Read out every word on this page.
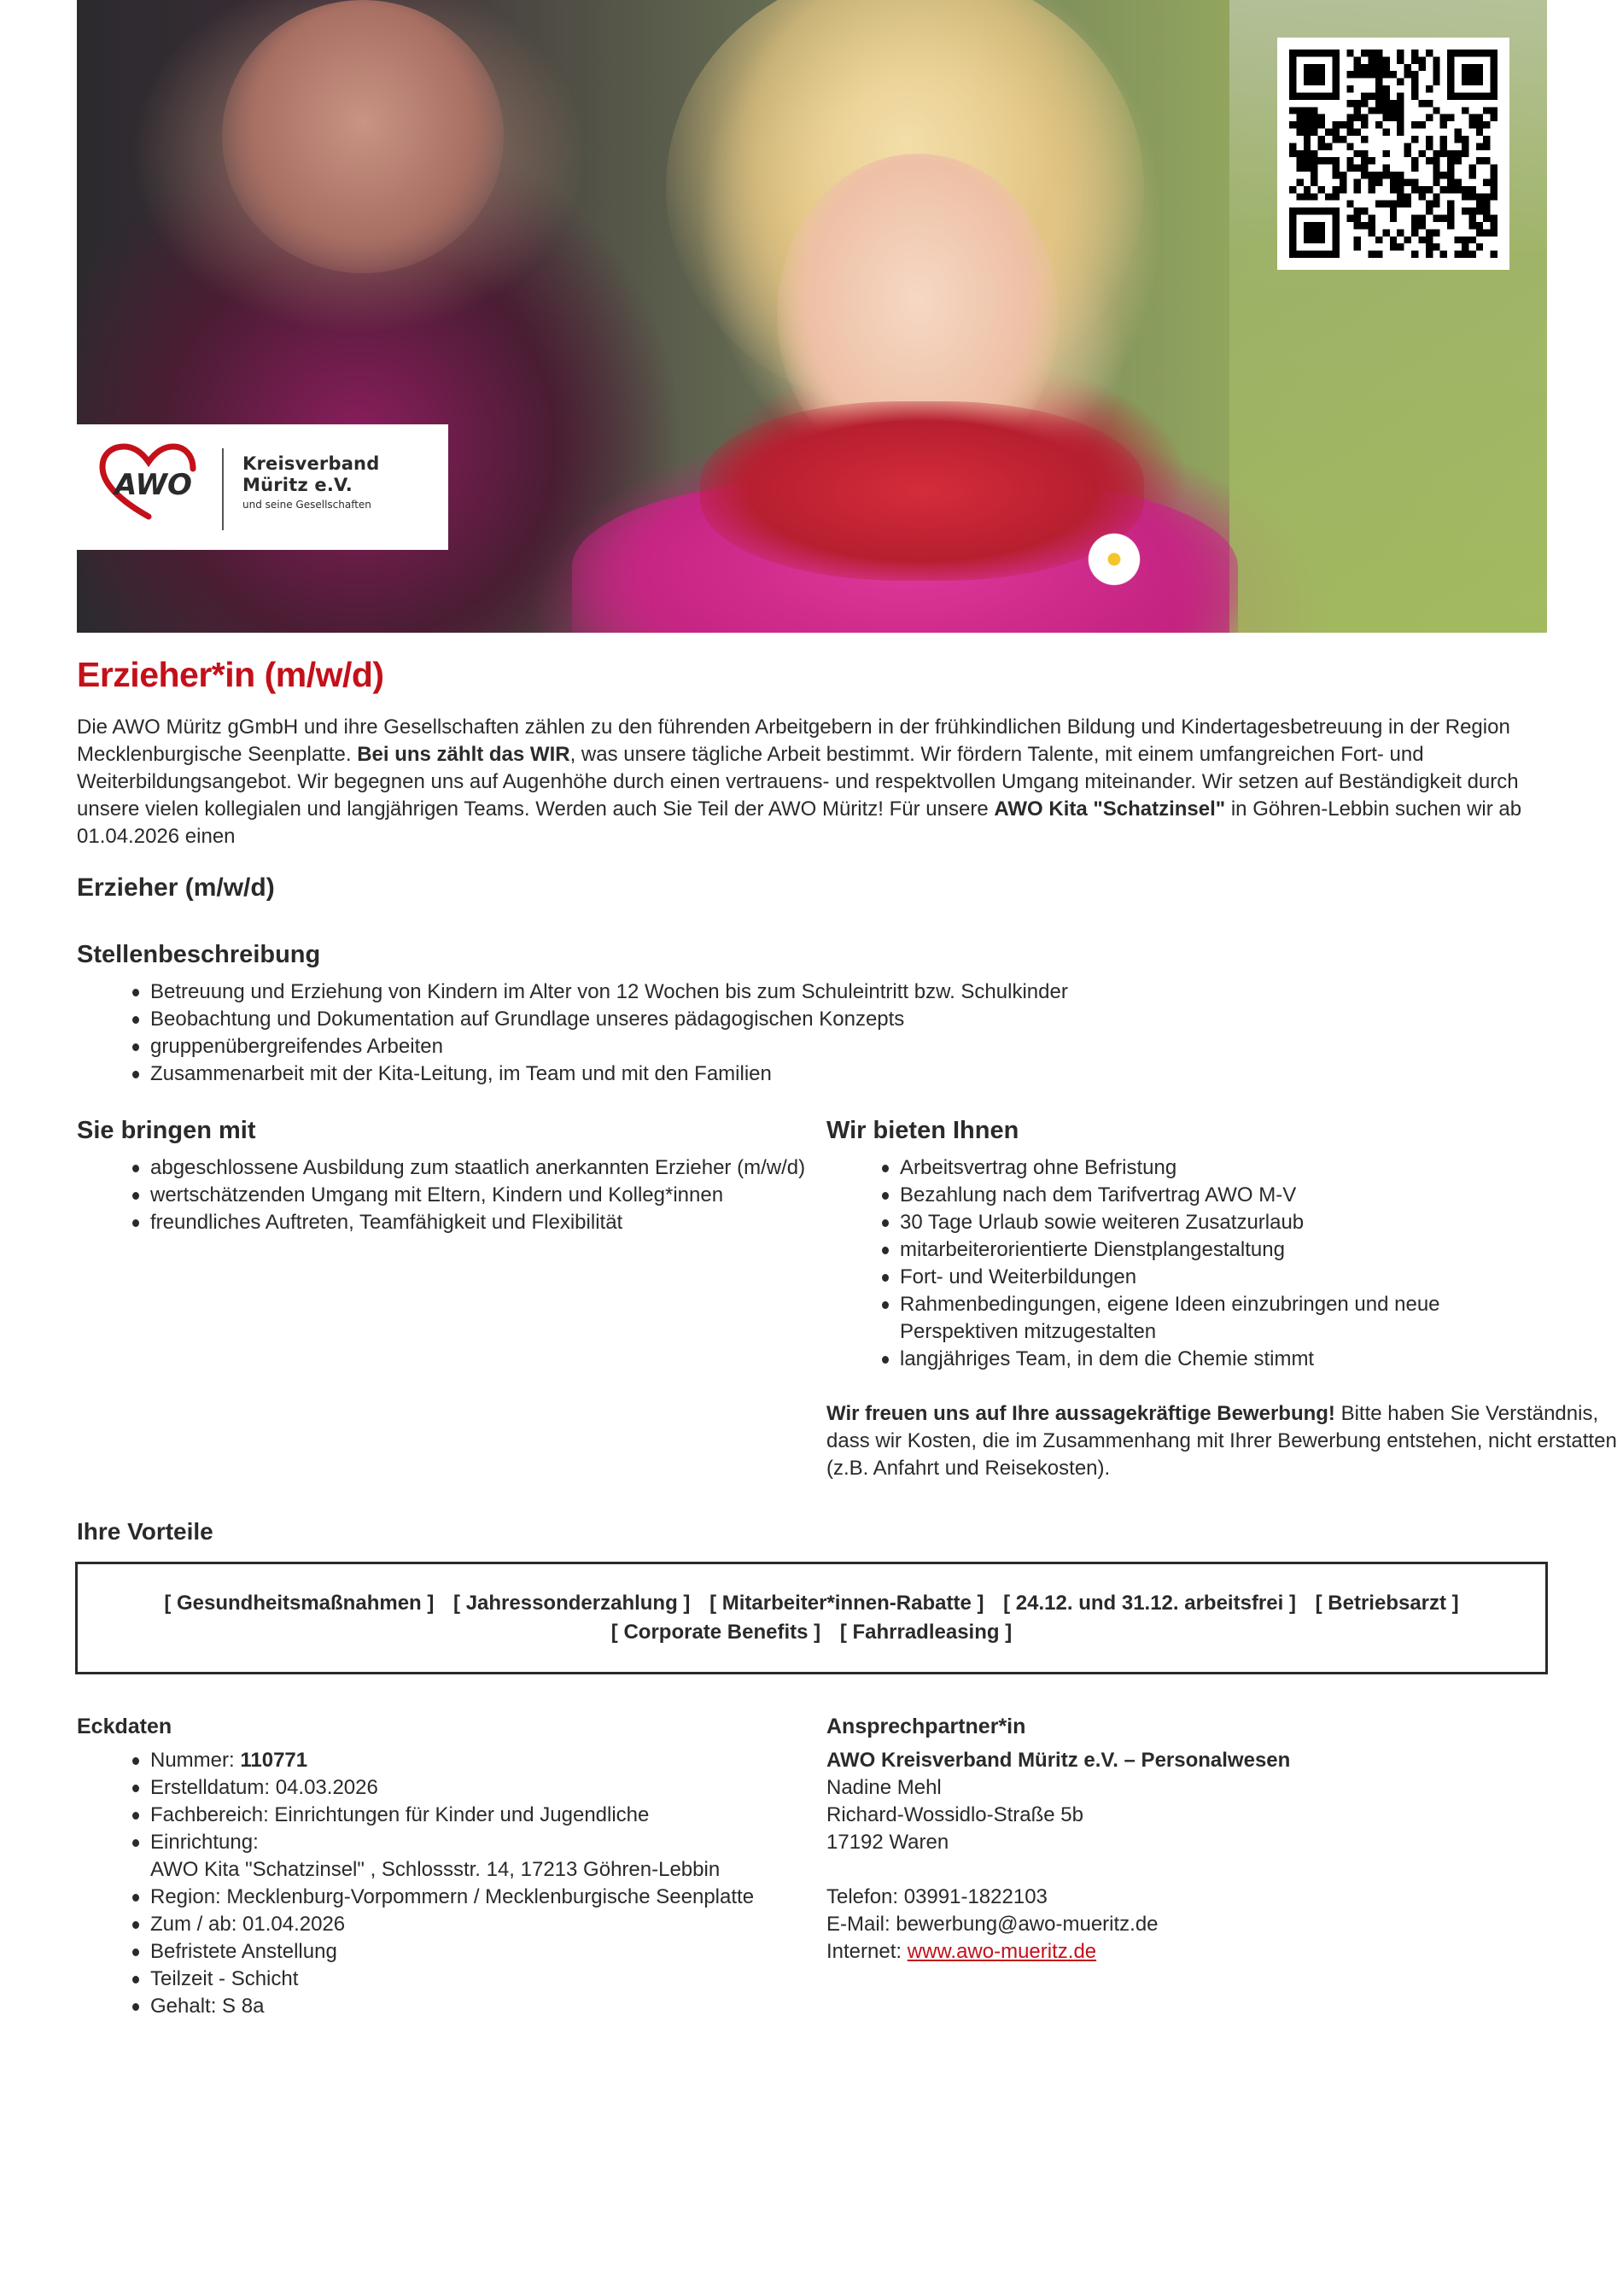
AWO
Kreisverband
Müritz e.V.
und seine Gesellschaften
Erzieher*in (m/w/d)

Die AWO Müritz gGmbH und ihre Gesellschaften zählen zu den führenden Arbeitgebern in der frühkindlichen Bildung und Kindertagesbetreuung in der Region Mecklenburgische Seenplatte. Bei uns zählt das WIR, was unsere tägliche Arbeit bestimmt. Wir fördern Talente, mit einem umfangreichen Fort- und Weiterbildungsangebot. Wir begegnen uns auf Augenhöhe durch einen vertrauens- und respektvollen Umgang miteinander. Wir setzen auf Beständigkeit durch unsere vielen kollegialen und langjährigen Teams. Werden auch Sie Teil der AWO Müritz! Für unsere AWO Kita "Schatzinsel" in Göhren-Lebbin suchen wir ab 01.04.2026 einen

Erzieher (m/w/d)
Stellenbeschreibung
Betreuung und Erziehung von Kindern im Alter von 12 Wochen bis zum Schuleintritt bzw. Schulkinder
Beobachtung und Dokumentation auf Grundlage unseres pädagogischen Konzepts
gruppenübergreifendes Arbeiten
Zusammenarbeit mit der Kita-Leitung, im Team und mit den Familien
Sie bringen mit
abgeschlossene Ausbildung zum staatlich anerkannten Erzieher (m/w/d)
wertschätzenden Umgang mit Eltern, Kindern und Kolleg*innen
freundliches Auftreten, Teamfähigkeit und Flexibilität
Wir bieten Ihnen
Arbeitsvertrag ohne Befristung
Bezahlung nach dem Tarifvertrag AWO M-V
30 Tage Urlaub sowie weiteren Zusatzurlaub
mitarbeiterorientierte Dienstplangestaltung
Fort- und Weiterbildungen
Rahmenbedingungen, eigene Ideen einzubringen und neue Perspektiven mitzugestalten
langjähriges Team, in dem die Chemie stimmt

Wir freuen uns auf Ihre aussagekräftige Bewerbung! Bitte haben Sie Verständnis, dass wir Kosten, die im Zusammenhang mit Ihrer Bewerbung entstehen, nicht erstatten (z.B. Anfahrt und Reisekosten).

Ihre Vorteile
[ Gesundheitsmaßnahmen ] [ Jahressonderzahlung ] [ Mitarbeiter*innen-Rabatte ] [ 24.12. und 31.12. arbeitsfrei ] [ Betriebsarzt ] [ Corporate Benefits ] [ Fahrradleasing ]
Eckdaten
Nummer: 110771
Erstelldatum: 04.03.2026
Fachbereich: Einrichtungen für Kinder und Jugendliche
Einrichtung:
AWO Kita "Schatzinsel" , Schlossstr. 14, 17213 Göhren-Lebbin
Region: Mecklenburg-Vorpommern / Mecklenburgische Seenplatte
Zum / ab: 01.04.2026
Befristete Anstellung
Teilzeit - Schicht
Gehalt: S 8a
Ansprechpartner*in
AWO Kreisverband Müritz e.V. – Personalwesen
Nadine Mehl
Richard-Wossidlo-Straße 5b
17192 Waren
Telefon: 03991-1822103
E-Mail: bewerbung@awo-mueritz.de
Internet: www.awo-mueritz.de
